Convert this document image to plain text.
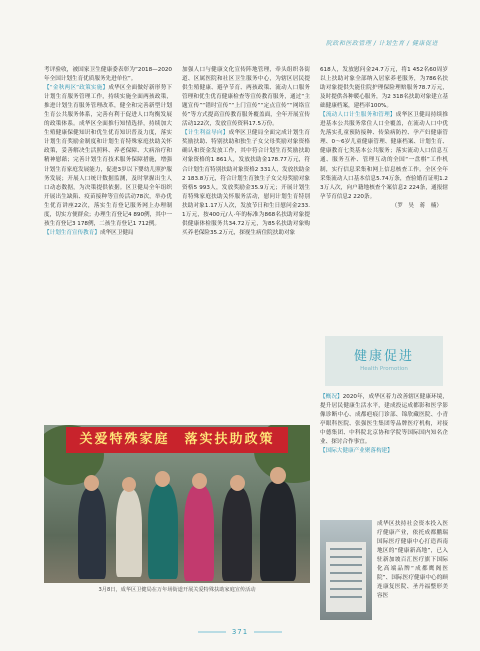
院政和医政管理 / 计划生育 / 健康促进

考评验收，被国家卫生健康委表彰为“2018—2020年全国计划生育优质服务先进单位”。

【“金秋两区”政策实施】成华区全面做好新形势下计划生育服务管理工作，持续实施全面两孩政策，推进计划生育服务管理改革，健全和完善新型计划生育公共服务体系，完善有利于促进人口均衡发展的政策体系。成华区全面推行知情选择，持续加大生殖健康保健知识和优生优育知识普及力度，落实计划生育奖励金制度和计划生育特殊家庭扶助关怀政策，妥善解决生活照料、养老保障、大病治疗和精神慰藉；完善计划生育技术服务保障措施，增强计划生育家庭发展能力，促进3岁以下婴幼儿照护服务发展；开展人口统计数据监测，及时掌握出生人口动态数据，为决策提供依据。区卫健局全年组织开展出生缺陷、疫苗接种等宣传活动78次，举办优生优育讲座22次，落实生育登记服务网上办理制度，切实方便群众；办理生育登记4 890例，其中一孩生育登记3 178例，二孩生育登记1 712例。

【计划生育宣传教育】成华区卫健局

加强人口与健康文化宣传阵地管理，牵头组织各街道、区属医院和社区卫生服务中心，为辖区居民提供生殖健康、避孕节育、两孩政策、流动人口服务管理和优生优育健康检查等宣传教育服务，通过“主题宣传”“错时宣传”“上门宣传”“定点宣传”“网络宣传”等方式提高宣传教育服务覆盖面，全年开展宣传活动122次，发放宣传资料17.5万份。

【计生利益导向】成华区卫健局全面完成计划生育奖励扶助、特别扶助和独生子女父母奖励对象资格确认和资金发放工作，其中符合计划生育奖励扶助对象资格的1 861人，发放扶助金178.77万元，符合计划生育特别扶助对象资格2 331人，发放扶助金2 183.8万元，符合计划生育独生子女父母奖励对象资格5 993人，发放奖励金35.9万元；开展计划生育特殊家庭扶助关怀服务活动，慰问计划生育特别扶助对象1.17万人次，发放节日和生日慰问金233.1万元，按400元/人·年的标准为868名扶助对象提供健康体检服务共34.72万元，为85名扶助对象购买养老保险35.2万元，探视生病住院扶助对象

618人，发放慰问金24.7万元，将1 452名60周岁以上扶助对象全部纳入居家养老服务，为786名扶助对象提供失能住院护理保险理赔服务78.7万元，及时提供各种暖心服务，为2 318名扶助对象建立基础健康档案，建档率100%。

【流动人口计生服务和管理】成华区卫健局持续推进基本公共服务常住人口全覆盖，在流动人口中优先落实孔童预防接种、传染病防控、孕产妇健康管理、0～6岁儿童健康管理、健康档案、计划生育、健康教育七类基本公共服务；落实流动人口信息互通、服务互补、管理互动的全国“一盘棋”工作机制，实行信息采集和网上信息核查工作。全区全年采集流动人口基本信息5.74万条，查验婚育证明1.23万人次，向户籍地核查个案信息2 224条，通报辖孕节育信息2 220条。

（罗　昊　蒋　楠）

健康促进
Health Promotion

【概况】2020年，成华区着力改善辖区健康环境，提升居民健康生活水平，建成投运成都影和医学影像诊断中心、成都疤痕门诊部、锦欣藏医院、小青亭眼科医院、张强医生集团等品牌医疗机构，对接中德集团、中科院北京协和学院等国际国内知名企业、探讨合作事宜。

【国际大健康产业聚落构建】

成华区扶持社会资本投入医疗健康产业，依托成都鹏瑞国际医疗健康中心打造西南地区的“健康新高地”，已入驻新加坡百汇医疗旗下国际化高端品牌“成都鹰阁医院”、国际医疗健康中心的顾连康复医院、圣丹福整形美容医

关爱特殊家庭　落实扶助政策
3月8日，成华区卫健局在万年场街道开展关爱特殊扶助家庭宣传活动
371
